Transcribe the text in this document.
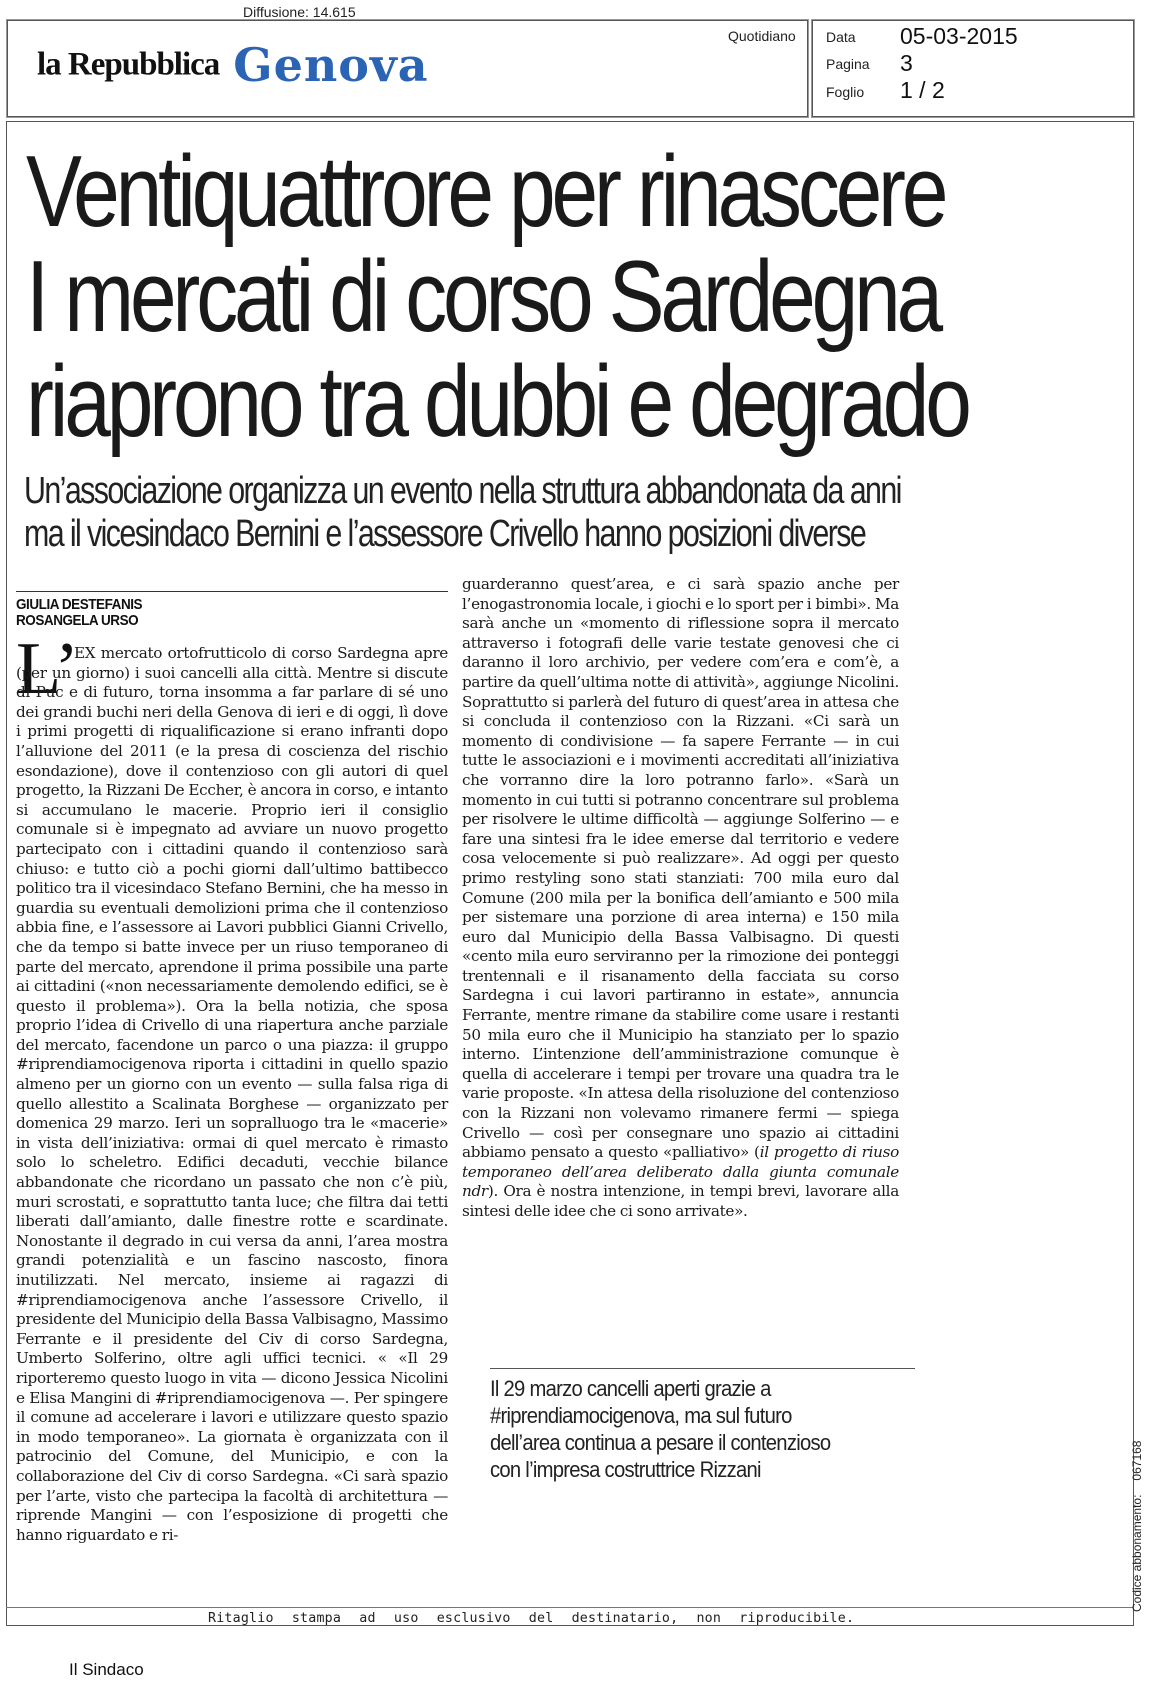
Diffusione: 14.615
la Repubblica Genova
Quotidiano Data 05-03-2015
Pagina 3
Foglio 1 / 2
Ventiquattrore per rinascere
I mercati di corso Sardegna
riaprono tra dubbi e degrado
Un’associazione organizza un evento nella struttura abbandonata da anni
ma il vicesindaco Bernini e l’assessore Crivello hanno posizioni diverse
GIULIA DESTEFANIS
ROSANGELA URSO
L’

EX mercato ortofrutticolo di corso Sardegna apre (per un giorno) i suoi cancelli alla città. Mentre si discute di Puc e di futuro, torna insomma a far parlare di sé uno dei grandi buchi neri della Genova di ieri e di oggi, lì dove i primi progetti di riqualificazione si erano infranti dopo l’alluvione del 2011 (e la presa di coscienza del rischio esondazione), dove il contenzioso con gli autori di quel progetto, la Rizzani De Eccher, è ancora in corso, e intanto si accumulano le macerie. Proprio ieri il consiglio comunale si è impegnato ad avviare un nuovo progetto partecipato con i cittadini quando il contenzioso sarà chiuso: e tutto ciò a pochi giorni dall’ultimo battibecco politico tra il vicesindaco Stefano Bernini, che ha messo in guardia su eventuali demolizioni prima che il contenzioso abbia fine, e l’assessore ai Lavori pubblici Gianni Crivello, che da tempo si batte invece per un riuso temporaneo di parte del mercato, aprendone il prima possibile una parte ai cittadini («non necessariamente demolendo edifici, se è questo il problema»). Ora la bella notizia, che sposa proprio l’idea di Crivello di una riapertura anche parziale del mercato, facendone un parco o una piazza: il gruppo #riprendiamocigenova riporta i cittadini in quello spazio almeno per un giorno con un evento — sulla falsa riga di quello allestito a Scalinata Borghese — organizzato per domenica 29 marzo. Ieri un sopralluogo tra le «macerie» in vista dell’iniziativa: ormai di quel mercato è rimasto solo lo scheletro. Edifici decaduti, vecchie bilance abbandonate che ricordano un passato che non c’è più, muri scrostati, e soprattutto tanta luce; che filtra dai tetti liberati dall’amianto, dalle finestre rotte e scardinate. Nonostante il degrado in cui versa da anni, l’area mostra grandi potenzialità e un fascino nascosto, finora inutilizzati. Nel mercato, insieme ai ragazzi di #riprendiamocigenova anche l’assessore Crivello, il presidente del Municipio della Bassa Valbisagno, Massimo Ferrante e il presidente del Civ di corso Sardegna, Umberto Solferino, oltre agli uffici tecnici. « «Il 29 riporteremo questo luogo in vita — dicono Jessica Nicolini e Elisa Mangini di #riprendiamocigenova —. Per spingere il comune ad accelerare i lavori e utilizzare questo spazio in modo temporaneo». La giornata è organizzata con il patrocinio del Comune, del Municipio, e con la collaborazione del Civ di corso Sardegna. «Ci sarà spazio per l’arte, visto che partecipa la facoltà di architettura — riprende Mangini — con l’esposizione di progetti che hanno riguardato e ri-

guarderanno quest’area, e ci sarà spazio anche per l’enogastronomia locale, i giochi e lo sport per i bimbi». Ma sarà anche un «momento di riflessione sopra il mercato attraverso i fotografi delle varie testate genovesi che ci daranno il loro archivio, per vedere com’era e com’è, a partire da quell’ultima notte di attività», aggiunge Nicolini. Soprattutto si parlerà del futuro di quest’area in attesa che si concluda il contenzioso con la Rizzani. «Ci sarà un momento di condivisione — fa sapere Ferrante — in cui tutte le associazioni e i movimenti accreditati all’iniziativa che vorranno dire la loro potranno farlo». «Sarà un momento in cui tutti si potranno concentrare sul problema per risolvere le ultime difficoltà — aggiunge Solferino — e fare una sintesi fra le idee emerse dal territorio e vedere cosa velocemente si può realizzare». Ad oggi per questo primo restyling sono stati stanziati: 700 mila euro dal Comune (200 mila per la bonifica dell’amianto e 500 mila per sistemare una porzione di area interna) e 150 mila euro dal Municipio della Bassa Valbisagno. Di questi «cento mila euro serviranno per la rimozione dei ponteggi trentennali e il risanamento della facciata su corso Sardegna i cui lavori partiranno in estate», annuncia Ferrante, mentre rimane da stabilire come usare i restanti 50 mila euro che il Municipio ha stanziato per lo spazio interno. L’intenzione dell’amministrazione comunque è quella di accelerare i tempi per trovare una quadra tra le varie proposte. «In attesa della risoluzione del contenzioso con la Rizzani non volevamo rimanere fermi — spiega Crivello — così per consegnare uno spazio ai cittadini abbiamo pensato a questo «palliativo» (il progetto di riuso temporaneo dell’area deliberato dalla giunta comunale ndr). Ora è nostra intenzione, in tempi brevi, lavorare alla sintesi delle idee che ci sono arrivate».

Il 29 marzo cancelli aperti grazie a
#riprendiamocigenova, ma sul futuro
dell’area continua a pesare il contenzioso
con l’impresa costruttrice Rizzani
Ritaglio stampa ad uso esclusivo del destinatario, non riproducibile.
Codice abbonamento:067168
Il Sindaco
